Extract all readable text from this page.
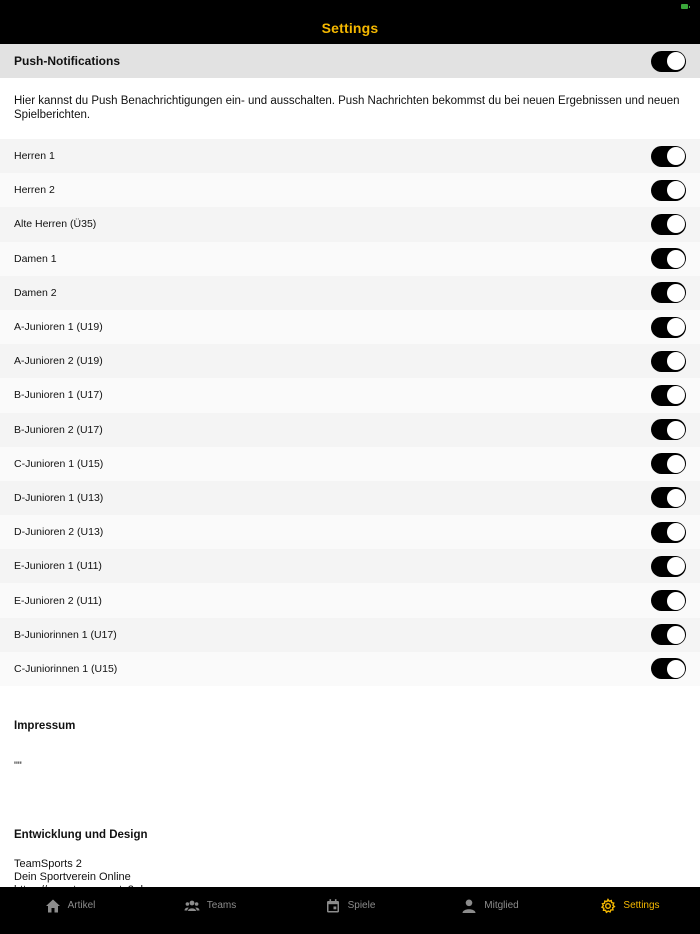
Settings
Push-Notifications
Hier kannst du Push Benachrichtigungen ein- und ausschalten. Push Nachrichten bekommst du bei neuen Ergebnissen und neuen Spielberichten.
Herren 1
Herren 2
Alte Herren (Ü35)
Damen 1
Damen 2
A-Junioren 1 (U19)
A-Junioren 2 (U19)
B-Junioren 1 (U17)
B-Junioren 2 (U17)
C-Junioren 1 (U15)
D-Junioren 1 (U13)
D-Junioren 2 (U13)
E-Junioren 1 (U11)
E-Junioren 2 (U11)
B-Juniorinnen 1 (U17)
C-Juniorinnen 1 (U15)
Impressum
""
Entwicklung und Design
TeamSports 2
Dein Sportverein Online
Artikel	Teams	Spiele	Mitglied	Settings
